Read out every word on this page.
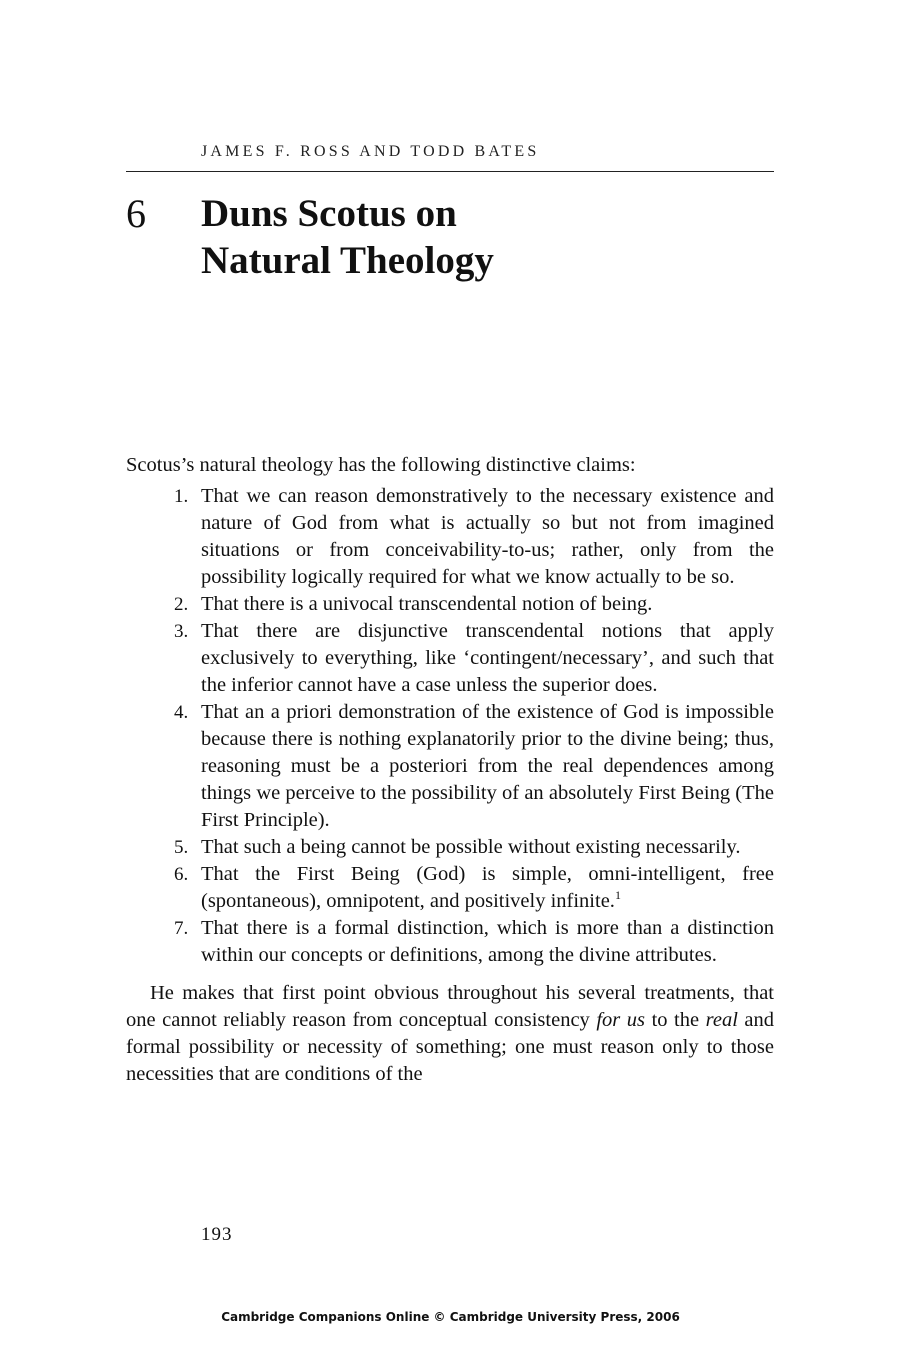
JAMES F. ROSS AND TODD BATES
6 Duns Scotus on
Natural Theology

Scotus’s natural theology has the following distinctive claims:

1. That we can reason demonstratively to the necessary existence and nature of God from what is actually so but not from imagined situations or from conceivability-to-us; rather, only from the possibility logically required for what we know actually to be so.
2. That there is a univocal transcendental notion of being.
3. That there are disjunctive transcendental notions that apply exclusively to everything, like ‘contingent/necessary’, and such that the inferior cannot have a case unless the superior does.
4. That an a priori demonstration of the existence of God is impossible because there is nothing explanatorily prior to the divine being; thus, reasoning must be a posteriori from the real dependences among things we perceive to the possibility of an absolutely First Being (The First Principle).
5. That such a being cannot be possible without existing necessarily.
6. That the First Being (God) is simple, omni-intelligent, free (spontaneous), omnipotent, and positively infinite.$^1$
7. That there is a formal distinction, which is more than a distinction within our concepts or definitions, among the divine attributes.

He makes that first point obvious throughout his several treatments, that one cannot reliably reason from conceptual consistency for us to the real and formal possibility or necessity of something; one must reason only to those necessities that are conditions of the

193
Cambridge Companions Online © Cambridge University Press, 2006
